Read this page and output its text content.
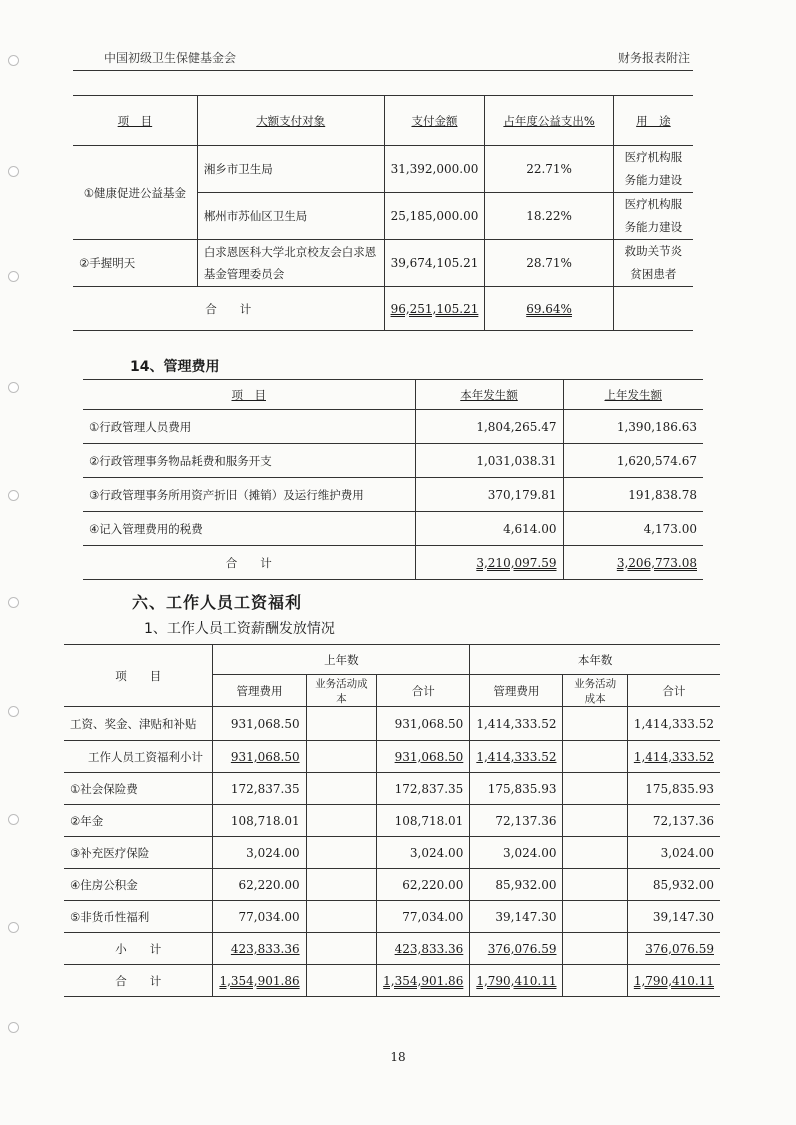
中国初级卫生保健基金会	财务报表附注
项　目	大额支付对象	支付金额	占年度公益支出%	用　途
①健康促进公益基金	湘乡市卫生局	31,392,000.00	22.71%	医疗机构服务能力建设
	郴州市苏仙区卫生局	25,185,000.00	18.22%	医疗机构服务能力建设
②手握明天	白求恩医科大学北京校友会白求恩基金管理委员会	39,674,105.21	28.71%	救助关节炎贫困患者
合　　计		96,251,105.21	69.64%	
14、管理费用
项　目	本年发生额	上年发生额
①行政管理人员费用	1,804,265.47	1,390,186.63
②行政管理事务物品耗费和服务开支	1,031,038.31	1,620,574.67
③行政管理事务所用资产折旧（摊销）及运行维护费用	370,179.81	191,838.78
④记入管理费用的税费	4,614.00	4,173.00
合　　计	3,210,097.59	3,206,773.08
六、工作人员工资福利
1、工作人员工资薪酬发放情况
项　　目	上年数			本年数		
	管理费用	业务活动成本	合计	管理费用	业务活动成本	合计
工资、奖金、津贴和补贴	931,068.50		931,068.50	1,414,333.52		1,414,333.52
工作人员工资福利小计	931,068.50		931,068.50	1,414,333.52		1,414,333.52
①社会保险费	172,837.35		172,837.35	175,835.93		175,835.93
②年金	108,718.01		108,718.01	72,137.36		72,137.36
③补充医疗保险	3,024.00		3,024.00	3,024.00		3,024.00
④住房公积金	62,220.00		62,220.00	85,932.00		85,932.00
⑤非货币性福利	77,034.00		77,034.00	39,147.30		39,147.30
小　　计	423,833.36		423,833.36	376,076.59		376,076.59
合　　计	1,354,901.86		1,354,901.86	1,790,410.11		1,790,410.11
18
